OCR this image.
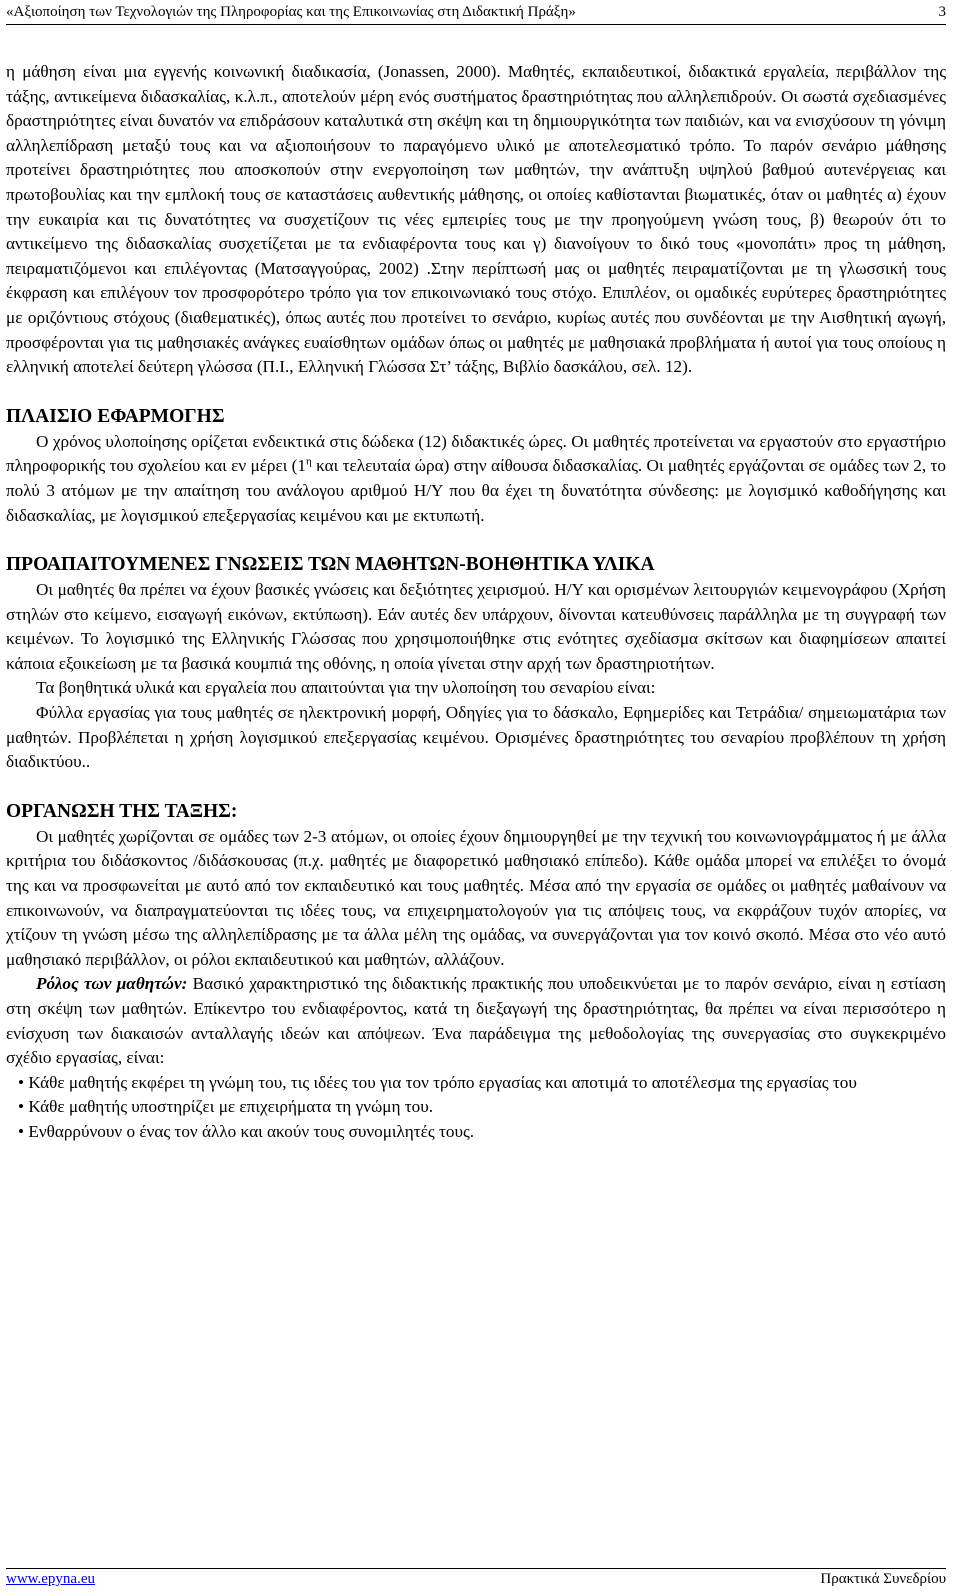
«Αξιοποίηση των Τεχνολογιών της Πληροφορίας και της Επικοινωνίας στη Διδακτική Πράξη»	3

η μάθηση είναι μια εγγενής κοινωνική διαδικασία, (Jonassen, 2000). Μαθητές, εκπαιδευτικοί, διδακτικά εργαλεία, περιβάλλον της τάξης, αντικείμενα διδασκαλίας, κ.λ.π., αποτελούν μέρη ενός συστήματος δραστηριότητας που αλληλεπιδρούν. Οι σωστά σχεδιασμένες δραστηριότητες είναι δυνατόν να επιδράσουν καταλυτικά στη σκέψη και τη δημιουργικότητα των παιδιών, και να ενισχύσουν τη γόνιμη αλληλεπίδραση μεταξύ τους και να αξιοποιήσουν το παραγόμενο υλικό με αποτελεσματικό τρόπο. Το παρόν σενάριο μάθησης προτείνει δραστηριότητες που αποσκοπούν στην ενεργοποίηση των μαθητών, την ανάπτυξη υψηλού βαθμού αυτενέργειας και πρωτοβουλίας και την εμπλοκή τους σε καταστάσεις αυθεντικής μάθησης, οι οποίες καθίστανται βιωματικές, όταν οι μαθητές α) έχουν την ευκαιρία και τις δυνατότητες να συσχετίζουν τις νέες εμπειρίες τους με την προηγούμενη γνώση τους, β) θεωρούν ότι το αντικείμενο της διδασκαλίας συσχετίζεται με τα ενδιαφέροντα τους και γ) διανοίγουν το δικό τους «μονοπάτι» προς τη μάθηση, πειραματιζόμενοι και επιλέγοντας (Ματσαγγούρας, 2002) .Στην περίπτωσή μας οι μαθητές πειραματίζονται με τη γλωσσική τους έκφραση και επιλέγουν τον προσφορότερο τρόπο για τον επικοινωνιακό τους στόχο. Επιπλέον, οι ομαδικές ευρύτερες δραστηριότητες με οριζόντιους στόχους (διαθεματικές), όπως αυτές που προτείνει το σενάριο, κυρίως αυτές που συνδέονται με την Αισθητική αγωγή, προσφέρονται για τις μαθησιακές ανάγκες ευαίσθητων ομάδων όπως οι μαθητές με μαθησιακά προβλήματα ή αυτοί για τους οποίους η ελληνική αποτελεί δεύτερη γλώσσα (Π.Ι., Ελληνική Γλώσσα Στ’ τάξης, Βιβλίο δασκάλου, σελ. 12).

ΠΛΑΙΣΙΟ ΕΦΑΡΜΟΓΗΣ

Ο χρόνος υλοποίησης ορίζεται ενδεικτικά στις δώδεκα (12) διδακτικές ώρες. Οι μαθητές προτείνεται να εργαστούν στο εργαστήριο πληροφορικής του σχολείου και εν μέρει ($1^\eta$ και τελευταία ώρα) στην αίθουσα διδασκαλίας. Οι μαθητές εργάζονται σε ομάδες των 2, το πολύ 3 ατόμων με την απαίτηση του ανάλογου αριθμού Η/Υ που θα έχει τη δυνατότητα σύνδεσης: με λογισμικό καθοδήγησης και διδασκαλίας, με λογισμικού επεξεργασίας κειμένου και με εκτυπωτή.

ΠΡΟΑΠΑΙΤΟΥΜΕΝΕΣ ΓΝΩΣΕΙΣ ΤΩΝ ΜΑΘΗΤΩΝ-ΒΟΗΘΗΤΙΚΑ ΥΛΙΚΑ

Οι μαθητές θα πρέπει να έχουν βασικές γνώσεις και δεξιότητες χειρισμού. Η/Υ και ορισμένων λειτουργιών κειμενογράφου (Χρήση στηλών στο κείμενο, εισαγωγή εικόνων, εκτύπωση). Εάν αυτές δεν υπάρχουν, δίνονται κατευθύνσεις παράλληλα με τη συγγραφή των κειμένων. Το λογισμικό της Ελληνικής Γλώσσας που χρησιμοποιήθηκε στις ενότητες σχεδίασμα σκίτσων και διαφημίσεων απαιτεί κάποια εξοικείωση με τα βασικά κουμπιά της οθόνης, η οποία γίνεται στην αρχή των δραστηριοτήτων.

Τα βοηθητικά υλικά και εργαλεία που απαιτούνται για την υλοποίηση του σεναρίου είναι:

Φύλλα εργασίας για τους μαθητές σε ηλεκτρονική μορφή, Οδηγίες για το δάσκαλο, Εφημερίδες και Τετράδια/ σημειωματάρια των μαθητών. Προβλέπεται η χρήση λογισμικού επεξεργασίας κειμένου. Ορισμένες δραστηριότητες του σεναρίου προβλέπουν τη χρήση διαδικτύου..

ΟΡΓΑΝΩΣΗ ΤΗΣ ΤΑΞΗΣ:

Οι μαθητές χωρίζονται σε ομάδες των 2-3 ατόμων, οι οποίες έχουν δημιουργηθεί με την τεχνική του κοινωνιογράμματος ή με άλλα κριτήρια του διδάσκοντος /διδάσκουσας (π.χ. μαθητές με διαφορετικό μαθησιακό επίπεδο). Κάθε ομάδα μπορεί να επιλέξει το όνομά της και να προσφωνείται με αυτό από τον εκπαιδευτικό και τους μαθητές. Μέσα από την εργασία σε ομάδες οι μαθητές μαθαίνουν να επικοινωνούν, να διαπραγματεύονται τις ιδέες τους, να επιχειρηματολογούν για τις απόψεις τους, να εκφράζουν τυχόν απορίες, να χτίζουν τη γνώση μέσω της αλληλεπίδρασης με τα άλλα μέλη της ομάδας, να συνεργάζονται για τον κοινό σκοπό. Μέσα στο νέο αυτό μαθησιακό περιβάλλον, οι ρόλοι εκπαιδευτικού και μαθητών, αλλάζουν.

Ρόλος των μαθητών: Βασικό χαρακτηριστικό της διδακτικής πρακτικής που υποδεικνύεται με το παρόν σενάριο, είναι η εστίαση στη σκέψη των μαθητών. Επίκεντρο του ενδιαφέροντος, κατά τη διεξαγωγή της δραστηριότητας, θα πρέπει να είναι περισσότερο η ενίσχυση των διακαισών ανταλλαγής ιδεών και απόψεων. Ένα παράδειγμα της μεθοδολογίας της συνεργασίας στο συγκεκριμένο σχέδιο εργασίας, είναι:

• Κάθε μαθητής εκφέρει τη γνώμη του, τις ιδέες του για τον τρόπο εργασίας και αποτιμά το αποτέλεσμα της εργασίας του

• Κάθε μαθητής υποστηρίζει με επιχειρήματα τη γνώμη του.

• Ενθαρρύνουν ο ένας τον άλλο και ακούν τους συνομιλητές τους.

www.epyna.eu	Πρακτικά Συνεδρίου
